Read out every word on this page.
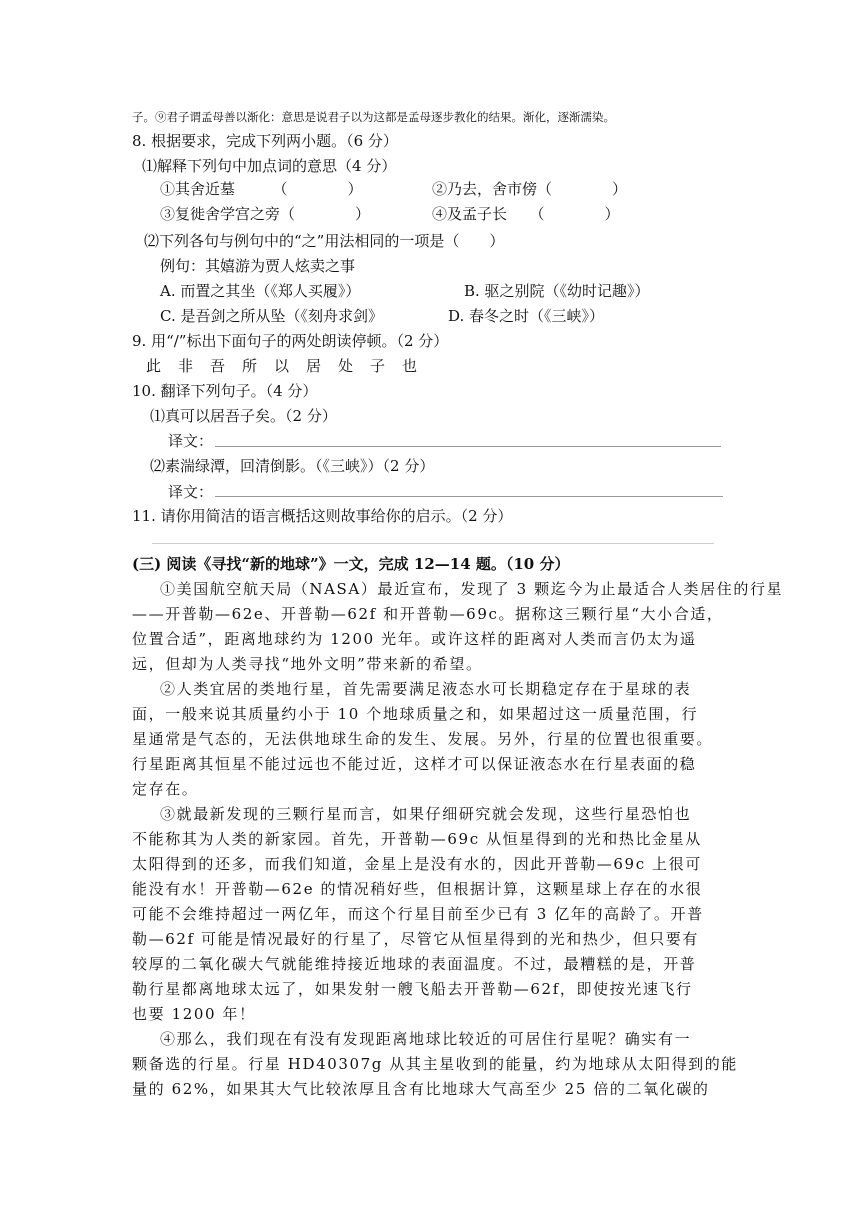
子。⑨君子谓孟母善以渐化：意思是说君子以为这都是孟母逐步教化的结果。渐化，逐渐濡染。
8. 根据要求，完成下列两小题。（6 分）
⑴解释下列句中加点词的意思（4 分）
①其舍近墓　　　（　　　　）	②乃去，舍市傍（　　　　）
③复徙舍学宫之旁（　　　　）	④及孟子长　　（　　　　）
⑵下列各句与例句中的“之”用法相同的一项是（　　）
例句：其嬉游为贾人炫卖之事
A. 而置之其坐（《郑人买履》）	B. 驱之别院（《幼时记趣》）
C. 是吾剑之所从坠（《刻舟求剑》	D. 春冬之时（《三峡》）
9. 用“/”标出下面句子的两处朗读停顿。（2 分）
此非吾所以居处子也
10. 翻译下列句子。（4 分）
⑴真可以居吾子矣。（2 分）
译文：
⑵素湍绿潭，回清倒影。（《三峡》）（2 分）
译文：
11. 请你用简洁的语言概括这则故事给你的启示。（2 分）
(三) 阅读《寻找“新的地球”》一文，完成 12—14 题。（10 分）
①美国航空航天局（NASA）最近宣布，发现了 3 颗迄今为止最适合人类居住的行星
——开普勒—62e、开普勒—62f 和开普勒—69c。据称这三颗行星“大小合适，
位置合适”，距离地球约为 1200 光年。或许这样的距离对人类而言仍太为遥
远，但却为人类寻找“地外文明”带来新的希望。
②人类宜居的类地行星，首先需要满足液态水可长期稳定存在于星球的表
面，一般来说其质量约小于 10 个地球质量之和，如果超过这一质量范围，行
星通常是气态的，无法供地球生命的发生、发展。另外，行星的位置也很重要。
行星距离其恒星不能过远也不能过近，这样才可以保证液态水在行星表面的稳
定存在。
③就最新发现的三颗行星而言，如果仔细研究就会发现，这些行星恐怕也
不能称其为人类的新家园。首先，开普勒—69c 从恒星得到的光和热比金星从
太阳得到的还多，而我们知道，金星上是没有水的，因此开普勒—69c 上很可
能没有水！开普勒—62e 的情况稍好些，但根据计算，这颗星球上存在的水很
可能不会维持超过一两亿年，而这个行星目前至少已有 3 亿年的高龄了。开普
勒—62f 可能是情况最好的行星了，尽管它从恒星得到的光和热少，但只要有
较厚的二氧化碳大气就能维持接近地球的表面温度。不过，最糟糕的是，开普
勒行星都离地球太远了，如果发射一艘飞船去开普勒—62f，即使按光速飞行
也要 1200 年！
④那么，我们现在有没有发现距离地球比较近的可居住行星呢？确实有一
颗备选的行星。行星 HD40307g 从其主星收到的能量，约为地球从太阳得到的能
量的 62%，如果其大气比较浓厚且含有比地球大气高至少 25 倍的二氧化碳的
